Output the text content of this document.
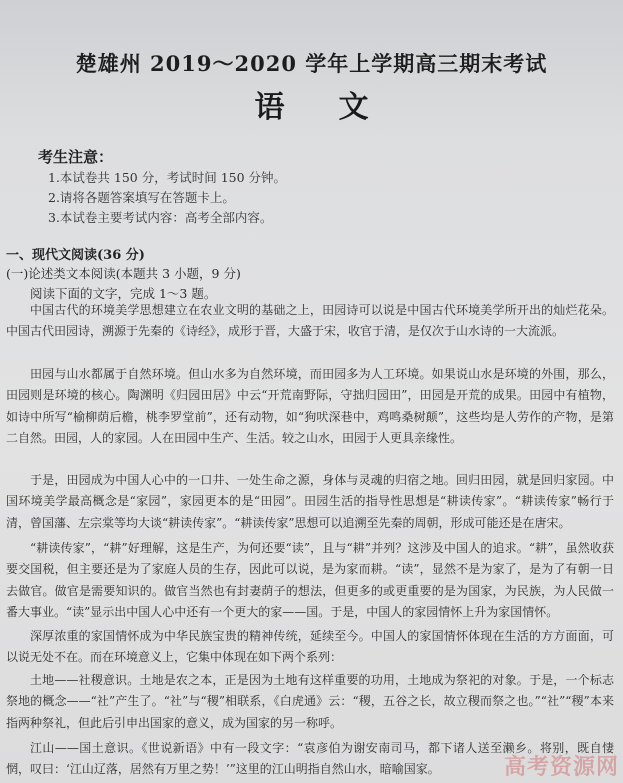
楚雄州 2019～2020 学年上学期高三期末考试
语文
考生注意：
1.本试卷共 150 分，考试时间 150 分钟。
2.请将各题答案填写在答题卡上。
3.本试卷主要考试内容：高考全部内容。
一、现代文阅读(36 分)
(一)论述类文本阅读(本题共 3 小题，9 分)
阅读下面的文字，完成 1～3 题。

中国古代的环境美学思想建立在农业文明的基础之上，田园诗可以说是中国古代环境美学所开出的灿烂花朵。中国古代田园诗，溯源于先秦的《诗经》，成形于晋，大盛于宋，收官于清，是仅次于山水诗的一大流派。

田园与山水都属于自然环境。但山水多为自然环境，而田园多为人工环境。如果说山水是环境的外围，那么，田园则是环境的核心。陶渊明《归园田居》中云“开荒南野际，守拙归园田”，田园是开荒的成果。田园中有植物，如诗中所写“榆柳荫后檐，桃李罗堂前”，还有动物，如“狗吠深巷中，鸡鸣桑树颠”，这些均是人劳作的产物，是第二自然。田园，人的家园。人在田园中生产、生活。较之山水，田园于人更具亲缘性。

于是，田园成为中国人心中的一口井、一处生命之源，身体与灵魂的归宿之地。回归田园，就是回归家园。中国环境美学最高概念是“家园”，家园更本的是“田园”。田园生活的指导性思想是“耕读传家”。“耕读传家”畅行于清，曾国藩、左宗棠等均大谈“耕读传家”。“耕读传家”思想可以追溯至先秦的周朝，形成可能还是在唐宋。

“耕读传家”，“耕”好理解，这是生产，为何还要“读”，且与“耕”并列？这涉及中国人的追求。“耕”，虽然收获要交国税，但主要还是为了家庭人员的生存，因此可以说，是为家而耕。“读”，显然不是为家了，是为了有朝一日去做官。做官是需要知识的。做官当然也有封妻荫子的想法，但更多的或更重要的是为国家，为民族，为人民做一番大事业。“读”显示出中国人心中还有一个更大的家——国。于是，中国人的家园情怀上升为家国情怀。

深厚浓重的家国情怀成为中华民族宝贵的精神传统，延续至今。中国人的家国情怀体现在生活的方方面面，可以说无处不在。而在环境意义上，它集中体现在如下两个系列：

土地——社稷意识。土地是农之本，正是因为土地有这样重要的功用，土地成为祭祀的对象。于是，一个标志祭地的概念——“社”产生了。“社”与“稷”相联系，《白虎通》云：“稷，五谷之长，故立稷而祭之也。”“社”“稷”本来指两种祭礼，但此后引申出国家的意义，成为国家的另一称呼。

江山——国土意识。《世说新语》中有一段文字：“袁彦伯为谢安南司马，都下诸人送至濑乡。将别，既自悽惘，叹曰：‘江山辽落，居然有万里之势！’”这里的江山明指自然山水，暗喻国家。	高考资源网
